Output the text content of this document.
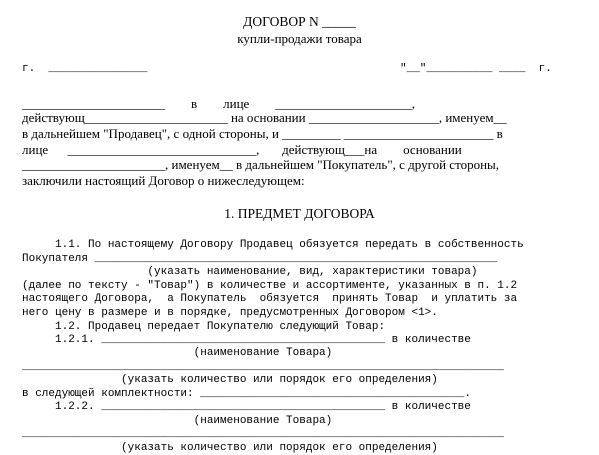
ДОГОВОР N _____
купли-продажи товара
г.  _______________	"__"__________ ____  г.
______________________        в        лице        _____________________,
действующ______________________ на основании ____________________, именуем__
в дальнейшем "Продавец", с одной стороны, и _________ _______________________ в
лице      _____________________________,       действующ___на        основании
______________________, именуем__ в дальнейшем "Покупатель", с другой стороны,
заключили настоящий Договор о нижеследующем:
1. ПРЕДМЕТ ДОГОВОРА
1.1. По настоящему Договору Продавец обязуется передать в собственность
Покупателя _____________________________________________________________
(указать наименование, вид, характеристики товара)
(далее по тексту - "Товар") в количестве и ассортименте, указанных в п. 1.2
настоящего Договора,  а Покупатель  обязуется  принять Товар  и уплатить за
него цену в размере и в порядке, предусмотренных Договором <1>.
1.2. Продавец передает Покупателю следующий Товар:
1.2.1. ___________________________________________ в количестве
(наименование Товара)
_________________________________________________________________________
(указать количество или порядок его определения)
в следующей комплектности: ________________________________________.
1.2.2. ___________________________________________ в количестве
(наименование Товара)
_________________________________________________________________________
(указать количество или порядок его определения)
